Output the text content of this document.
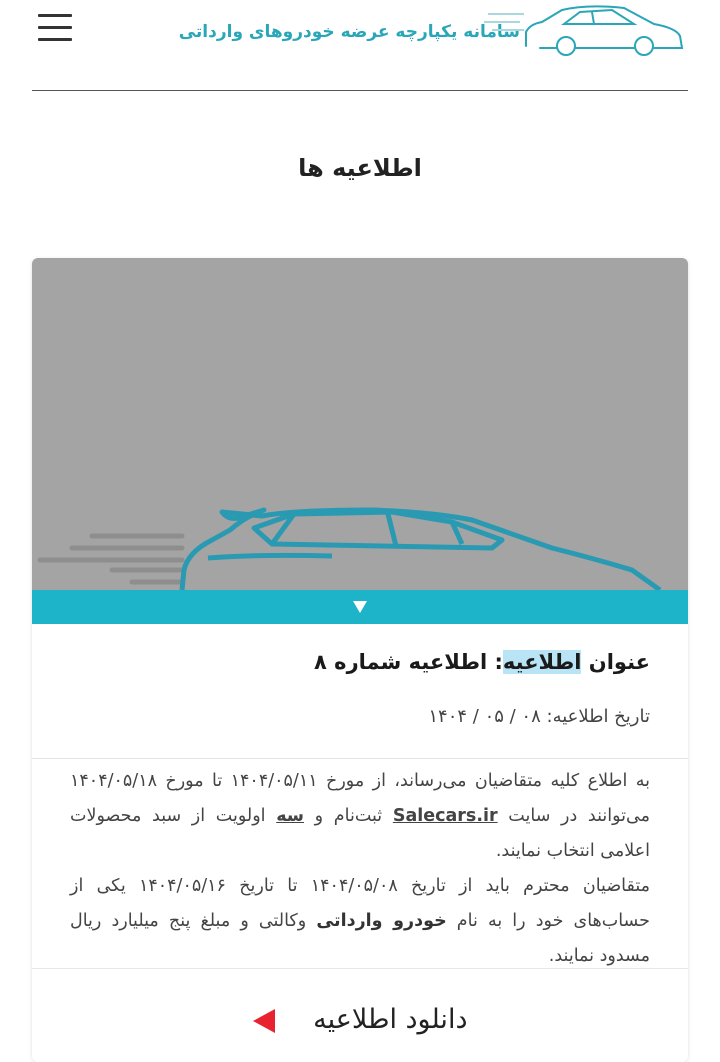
سامانه یکپارچه عرضه خودروهای وارداتی
اطلاعیه ها
عنوان اطلاعیه: اطلاعیه شماره ۸
تاریخ اطلاعیه: ۰۸ / ۰۵ / ۱۴۰۴

به اطلاع کلیه متقاضیان می‌رساند، از مورخ ۱۴۰۴/۰۵/۱۱ تا مورخ ۱۴۰۴/۰۵/۱۸ می‌توانند در سایت Salecars.ir ثبت‌نام و سه اولویت از سبد محصولات اعلامی انتخاب نمایند.

متقاضیان محترم باید از تاریخ ۱۴۰۴/۰۵/۰۸ تا تاریخ ۱۴۰۴/۰۵/۱۶ یکی از حساب‌های خود را به نام خودرو وارداتی وکالتی و مبلغ پنج میلیارد ریال مسدود نمایند.

دانلود اطلاعیه
